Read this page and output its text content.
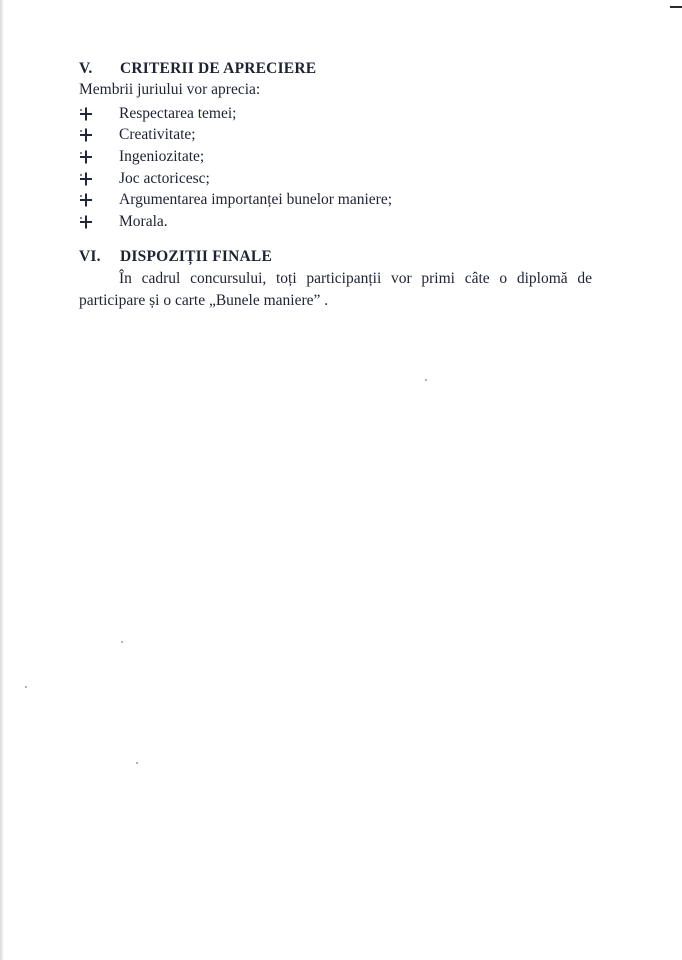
V. CRITERII DE APRECIERE
Membrii juriului vor aprecia:
Respectarea temei;
Creativitate;
Ingeniozitate;
Joc actoricesc;
Argumentarea importanței bunelor maniere;
Morala.
VI. DISPOZIȚII FINALE

În cadrul concursului, toți participanții vor primi câte o diplomă de participare și o carte „Bunele maniere” .
